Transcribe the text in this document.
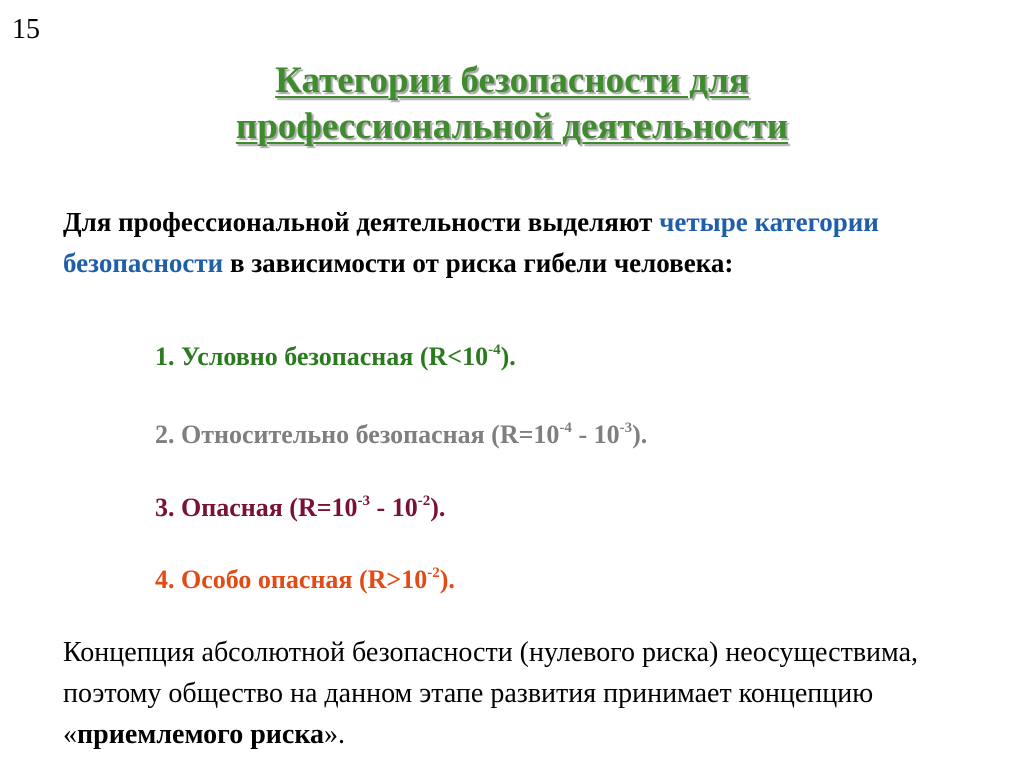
15
Категории безопасности для
профессиональной деятельности
Для профессиональной деятельности выделяют четыре категории безопасности в зависимости от риска гибели человека:
1. Условно безопасная $(R<10^{-4})$.
2. Относительно безопасная $(R=10^{-4} - 10^{-3})$.
3. Опасная $(R=10^{-3} - 10^{-2})$.
4. Особо опасная $(R>10^{-2})$.
Концепция абсолютной безопасности (нулевого риска) неосуществима, поэтому общество на данном этапе развития принимает концепцию «приемлемого риска».
